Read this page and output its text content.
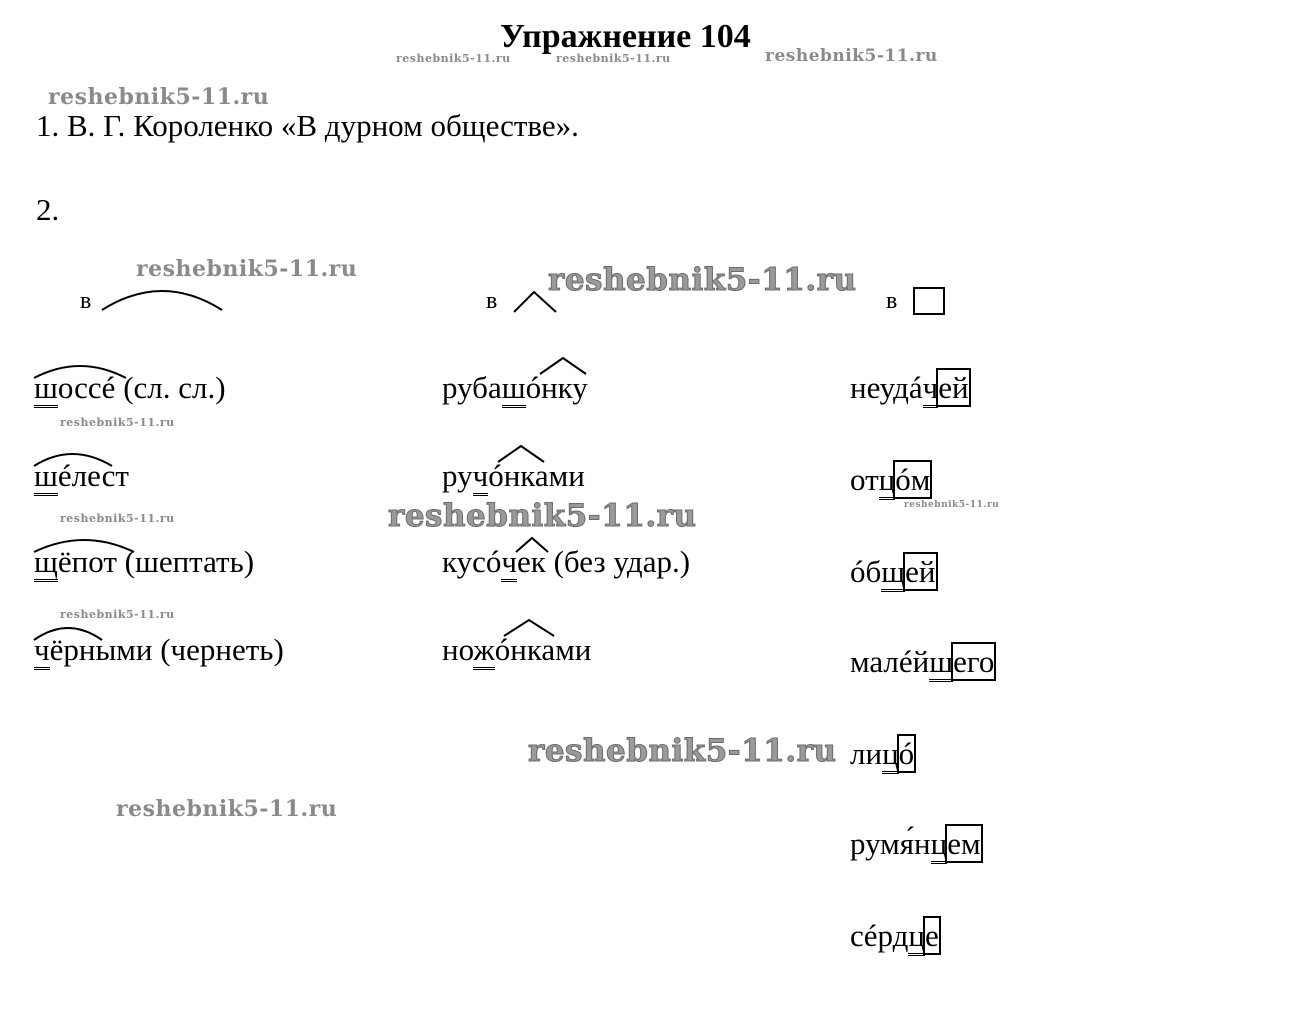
Упражнение 104
reshebnik5-11.ru	reshebnik5-11.ru	reshebnik5-11.ru
reshebnik5-11.ru
reshebnik5-11.ru	reshebnik5-11.ru
reshebnik5-11.ru
reshebnik5-11.ru
reshebnik5-11.ru
reshebnik5-11.ru
reshebnik5-11.ru
reshebnik5-11.ru
reshebnik5-11.ru
1. В. Г. Короленко «В дурном обществе».
2.
в	в	в
шоссé (сл. сл.)
шéлест
щёпот (шептать)
чёрными (чернеть)
рубашóнку
ручóнками
кусóчек (без удар.)
ножóнками
неудáчей
отцóм
óбщей
малéйшего
лицó
румя́нцем
сéрдце
